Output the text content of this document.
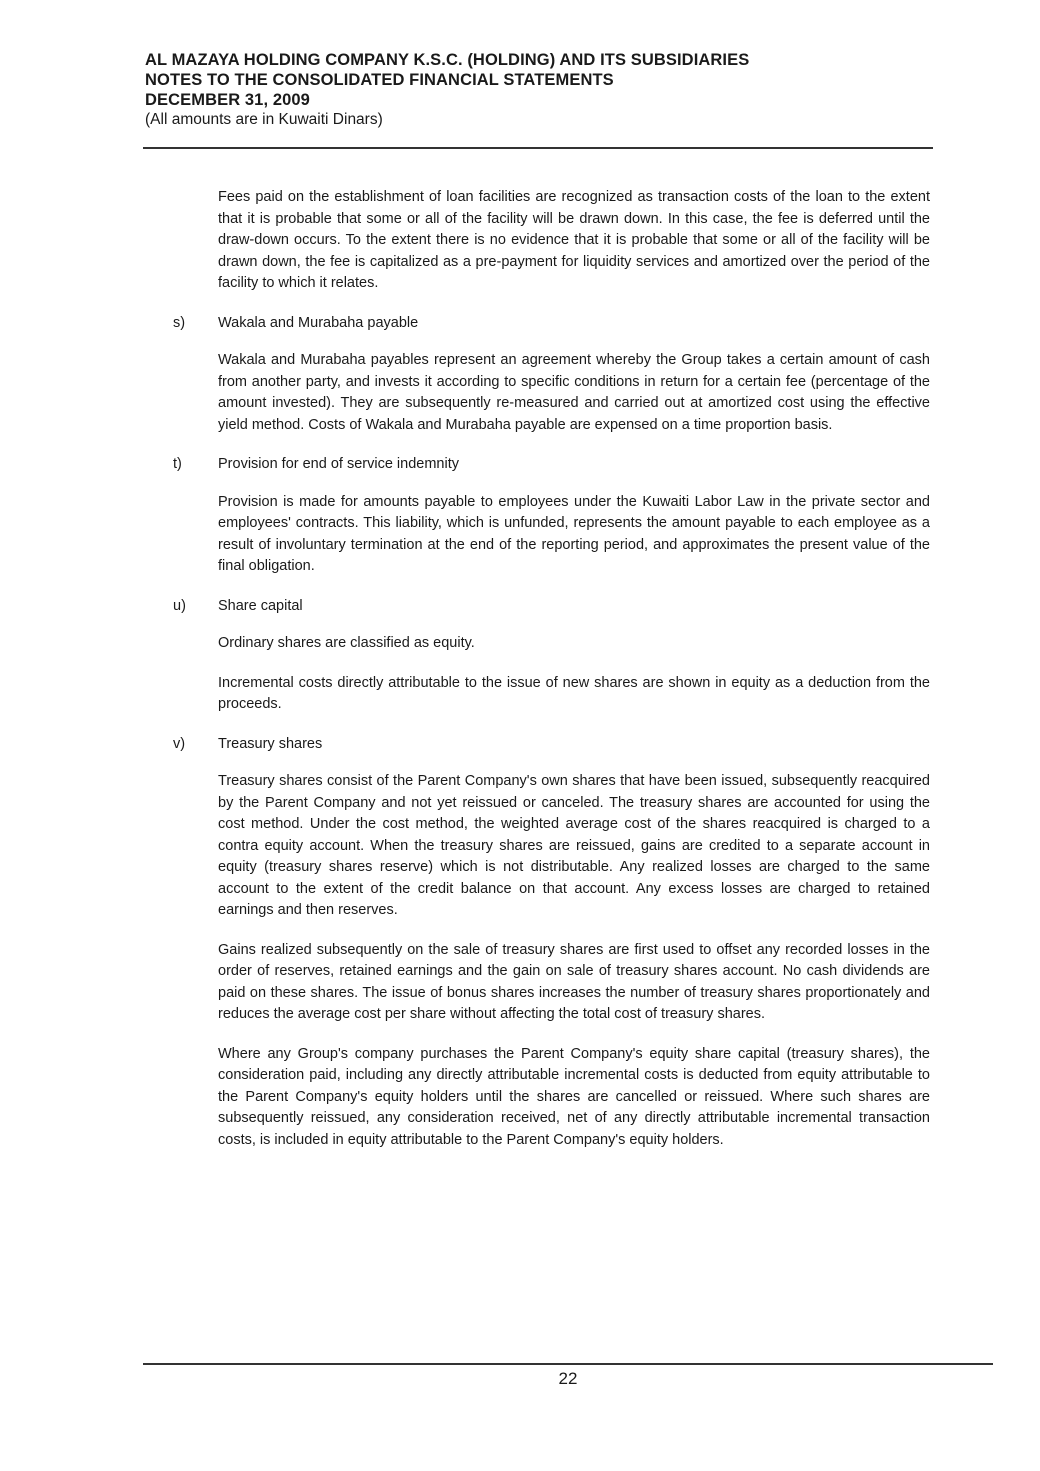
AL MAZAYA HOLDING COMPANY K.S.C. (HOLDING) AND ITS SUBSIDIARIES

NOTES TO THE CONSOLIDATED FINANCIAL STATEMENTS

DECEMBER 31, 2009

(All amounts are in Kuwaiti Dinars)

Fees paid on the establishment of loan facilities are recognized as transaction costs of the loan to the extent that it is probable that some or all of the facility will be drawn down. In this case, the fee is deferred until the draw-down occurs. To the extent there is no evidence that it is probable that some or all of the facility will be drawn down, the fee is capitalized as a pre-payment for liquidity services and amortized over the period of the facility to which it relates.

s) Wakala and Murabaha payable

Wakala and Murabaha payables represent an agreement whereby the Group takes a certain amount of cash from another party, and invests it according to specific conditions in return for a certain fee (percentage of the amount invested). They are subsequently re-measured and carried out at amortized cost using the effective yield method. Costs of Wakala and Murabaha payable are expensed on a time proportion basis.

t) Provision for end of service indemnity

Provision is made for amounts payable to employees under the Kuwaiti Labor Law in the private sector and employees' contracts. This liability, which is unfunded, represents the amount payable to each employee as a result of involuntary termination at the end of the reporting period, and approximates the present value of the final obligation.

u) Share capital

Ordinary shares are classified as equity.

Incremental costs directly attributable to the issue of new shares are shown in equity as a deduction from the proceeds.

v) Treasury shares

Treasury shares consist of the Parent Company's own shares that have been issued, subsequently reacquired by the Parent Company and not yet reissued or canceled. The treasury shares are accounted for using the cost method. Under the cost method, the weighted average cost of the shares reacquired is charged to a contra equity account. When the treasury shares are reissued, gains are credited to a separate account in equity (treasury shares reserve) which is not distributable. Any realized losses are charged to the same account to the extent of the credit balance on that account. Any excess losses are charged to retained earnings and then reserves.

Gains realized subsequently on the sale of treasury shares are first used to offset any recorded losses in the order of reserves, retained earnings and the gain on sale of treasury shares account. No cash dividends are paid on these shares. The issue of bonus shares increases the number of treasury shares proportionately and reduces the average cost per share without affecting the total cost of treasury shares.

Where any Group's company purchases the Parent Company's equity share capital (treasury shares), the consideration paid, including any directly attributable incremental costs is deducted from equity attributable to the Parent Company's equity holders until the shares are cancelled or reissued. Where such shares are subsequently reissued, any consideration received, net of any directly attributable incremental transaction costs, is included in equity attributable to the Parent Company's equity holders.

22
